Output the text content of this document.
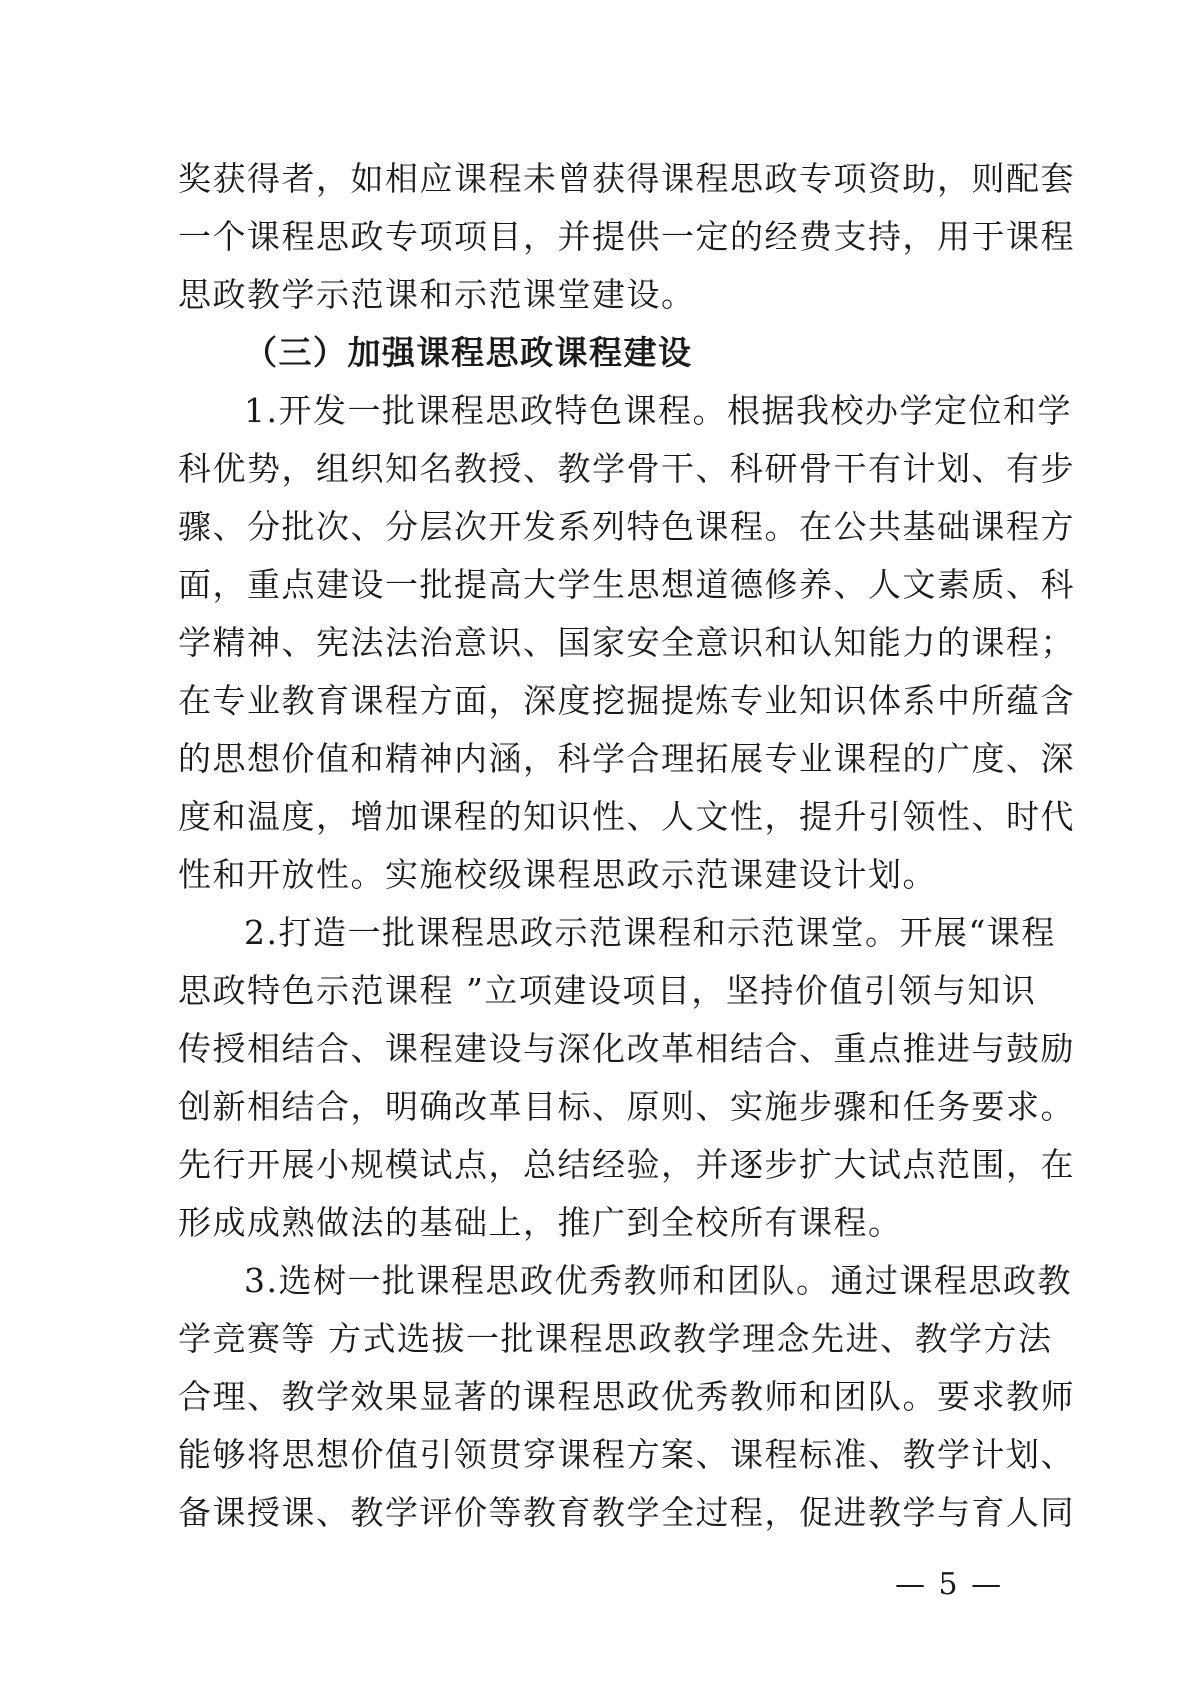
奖获得者，如相应课程未曾获得课程思政专项资助，则配套
一个课程思政专项项目，并提供一定的经费支持，用于课程
思政教学示范课和示范课堂建设。
（三）加强课程思政课程建设
1.开发一批课程思政特色课程。根据我校办学定位和学
科优势，组织知名教授、教学骨干、科研骨干有计划、有步
骤、分批次、分层次开发系列特色课程。在公共基础课程方
面，重点建设一批提高大学生思想道德修养、人文素质、科
学精神、宪法法治意识、国家安全意识和认知能力的课程；
在专业教育课程方面，深度挖掘提炼专业知识体系中所蕴含
的思想价值和精神内涵，科学合理拓展专业课程的广度、深
度和温度，增加课程的知识性、人文性，提升引领性、时代
性和开放性。实施校级课程思政示范课建设计划。
2.打造一批课程思政示范课程和示范课堂。开展“课程
思政特色示范课程 ”立项建设项目，坚持价值引领与知识
传授相结合、课程建设与深化改革相结合、重点推进与鼓励
创新相结合，明确改革目标、原则、实施步骤和任务要求。
先行开展小规模试点，总结经验，并逐步扩大试点范围，在
形成成熟做法的基础上，推广到全校所有课程。
3.选树一批课程思政优秀教师和团队。通过课程思政教
学竞赛等 方式选拔一批课程思政教学理念先进、教学方法
合理、教学效果显著的课程思政优秀教师和团队。要求教师
能够将思想价值引领贯穿课程方案、课程标准、教学计划、
备课授课、教学评价等教育教学全过程，促进教学与育人同
— 5 —
